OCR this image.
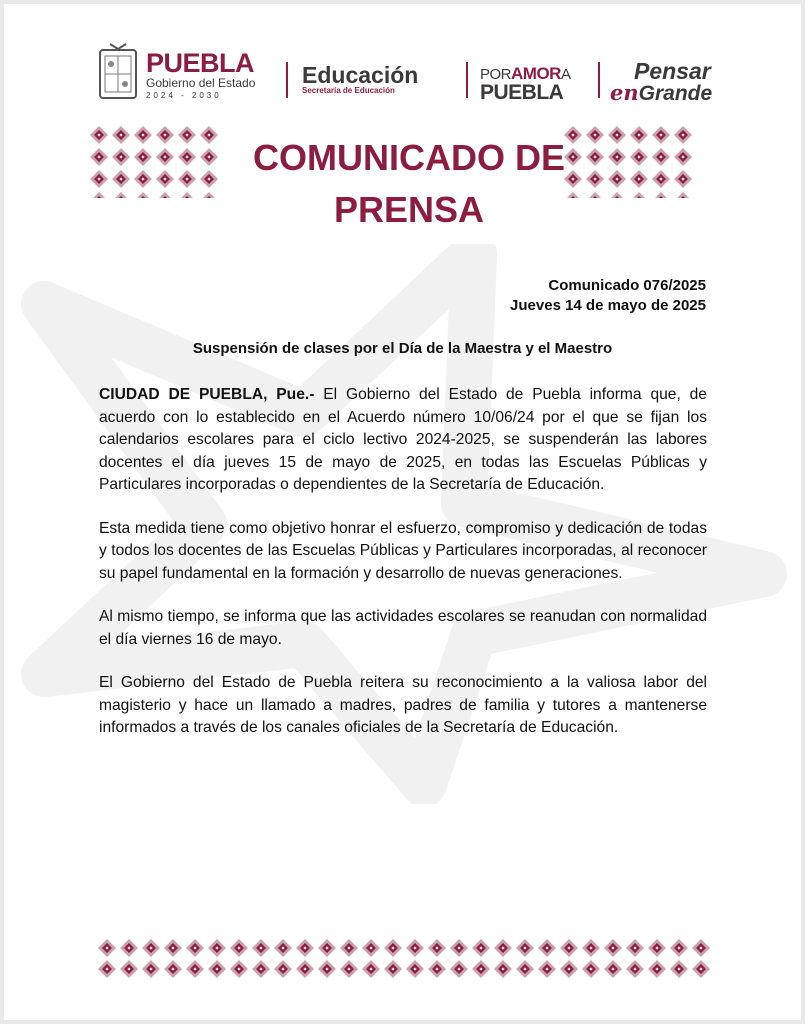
PUEBLA
Gobierno del Estado
2024 - 2030
Educación
Secretaría de Educación
PORAMORA
PUEBLA
Pensar
enGrande
COMUNICADO DE
PRENSA
Comunicado 076/2025
Jueves 14 de mayo de 2025
Suspensión de clases por el Día de la Maestra y el Maestro

CIUDAD DE PUEBLA, Pue.- El Gobierno del Estado de Puebla informa que, de acuerdo con lo establecido en el Acuerdo número 10/06/24 por el que se fijan los calendarios escolares para el ciclo lectivo 2024-2025, se suspenderán las labores docentes el día jueves 15 de mayo de 2025, en todas las Escuelas Públicas y Particulares incorporadas o dependientes de la Secretaría de Educación.

Esta medida tiene como objetivo honrar el esfuerzo, compromiso y dedicación de todas y todos los docentes de las Escuelas Públicas y Particulares incorporadas, al reconocer su papel fundamental en la formación y desarrollo de nuevas generaciones.

Al mismo tiempo, se informa que las actividades escolares se reanudan con normalidad el día viernes 16 de mayo.

El Gobierno del Estado de Puebla reitera su reconocimiento a la valiosa labor del magisterio y hace un llamado a madres, padres de familia y tutores a mantenerse informados a través de los canales oficiales de la Secretaría de Educación.
